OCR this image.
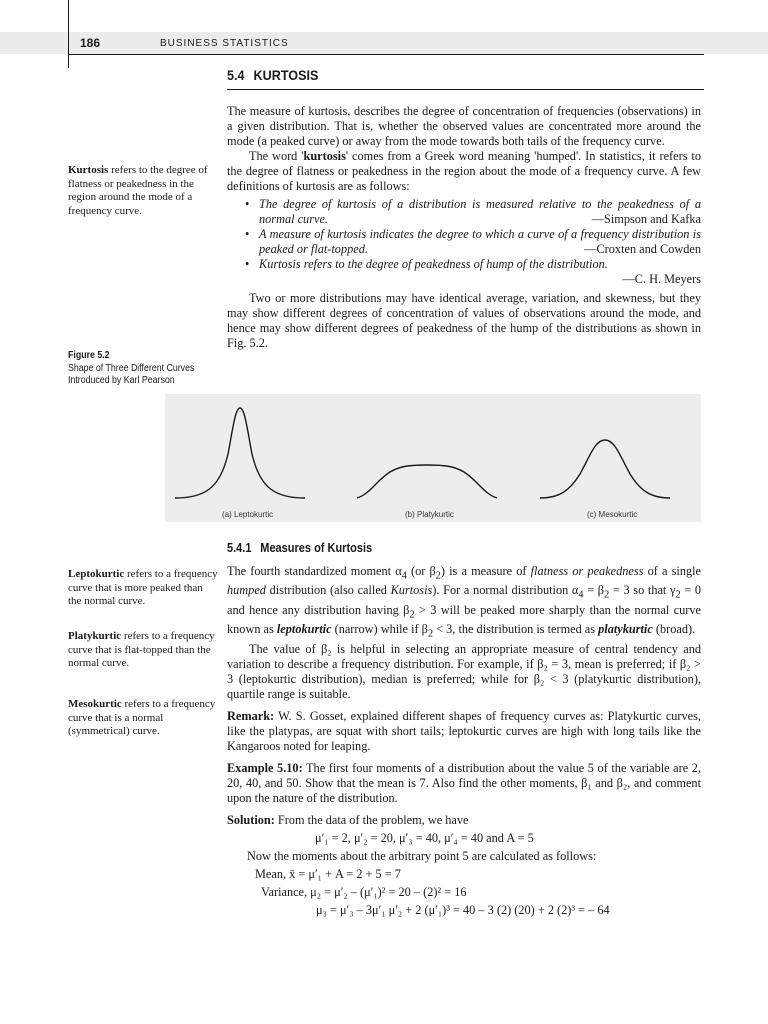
186	BUSINESS STATISTICS
5.4 KURTOSIS

The measure of kurtosis, describes the degree of concentration of frequencies (observations) in a given distribution. That is, whether the observed values are concentrated more around the mode (a peaked curve) or away from the mode towards both tails of the frequency curve.

The word 'kurtosis' comes from a Greek word meaning 'humped'. In statistics, it refers to the degree of flatness or peakedness in the region about the mode of a frequency curve. A few definitions of kurtosis are as follows:

• The degree of kurtosis of a distribution is measured relative to the peakedness of a normal curve.	—Simpson and Kafka
• A measure of kurtosis indicates the degree to which a curve of a frequency distribution is peaked or flat-topped.	—Croxten and Cowden
• Kurtosis refers to the degree of peakedness of hump of the distribution.
—C. H. Meyers

Two or more distributions may have identical average, variation, and skewness, but they may show different degrees of concentration of values of observations around the mode, and hence may show different degrees of peakedness of the hump of the distributions as shown in Fig. 5.2.

Kurtosis refers to the degree of flatness or peakedness in the region around the mode of a frequency curve.
Figure 5.2
Shape of Three Different Curves
Introduced by Karl Pearson
(a) Leptokurtic	(b) Platykurtic	(c) Mesokurtic
5.4.1 Measures of Kurtosis
Leptokurtic refers to a frequency curve that is more peaked than the normal curve.
Platykurtic refers to a frequency curve that is flat-topped than the normal curve.
Mesokurtic refers to a frequency curve that is a normal (symmetrical) curve.

The fourth standardized moment $\alpha_4$ (or $\beta_2$) is a measure of flatness or peakedness of a single humped distribution (also called Kurtosis). For a normal distribution $\alpha_4 = \beta_2 = 3$ so that $\gamma_2 = 0$ and hence any distribution having $\beta_2 > 3$ will be peaked more sharply than the normal curve known as leptokurtic (narrow) while if $\beta_2 < 3$, the distribution is termed as platykurtic (broad).

The value of β₂ is helpful in selecting an appropriate measure of central tendency and variation to describe a frequency distribution. For example, if β₂ = 3, mean is preferred; if β₂ > 3 (leptokurtic distribution), median is preferred; while for β₂ < 3 (platykurtic distribution), quartile range is suitable.

Remark: W. S. Gosset, explained different shapes of frequency curves as: Platykurtic curves, like the platypas, are squat with short tails; leptokurtic curves are high with long tails like the Kangaroos noted for leaping.

Example 5.10: The first four moments of a distribution about the value 5 of the variable are 2, 20, 40, and 50. Show that the mean is 7. Also find the other moments, β₁ and β₂, and comment upon the nature of the distribution.

Solution: From the data of the problem, we have

μ′₁ = 2, μ′₂ = 20, μ′₃ = 40, μ′₄ = 40 and A = 5
Now the moments about the arbitrary point 5 are calculated as follows:
Mean, x̄ = μ′₁ + A = 2 + 5 = 7
Variance, μ₂ = μ′₂ – (μ′₁)² = 20 – (2)² = 16
μ₃ = μ′₃ – 3μ′₁ μ′₂ + 2 (μ′₁)³ = 40 – 3 (2) (20) + 2 (2)³ = – 64
